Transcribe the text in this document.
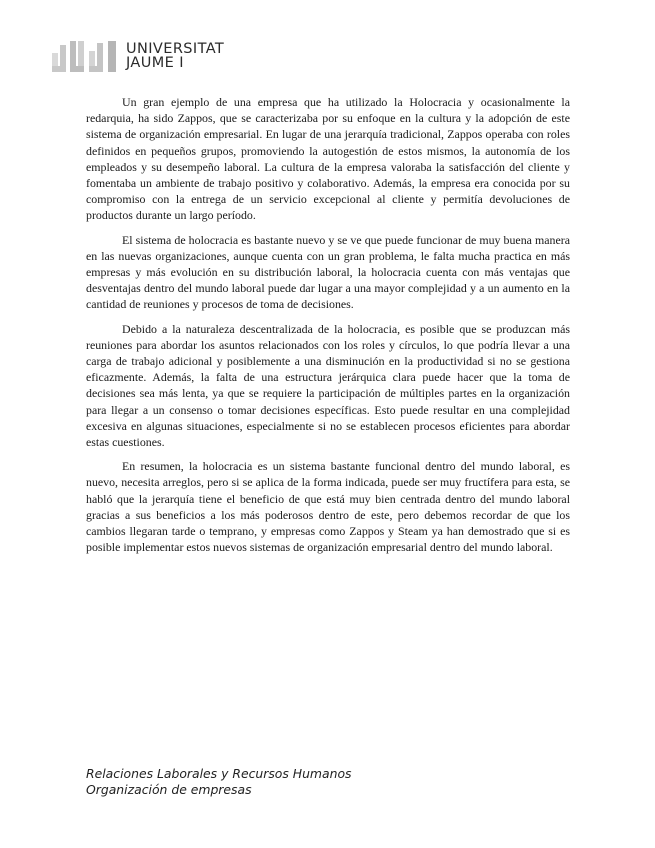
UNIVERSITAT
JAUME I

Un gran ejemplo de una empresa que ha utilizado la Holocracia y ocasionalmente la redarquia, ha sido Zappos, que se caracterizaba por su enfoque en la cultura y la adopción de este sistema de organización empresarial. En lugar de una jerarquía tradicional, Zappos operaba con roles definidos en pequeños grupos, promoviendo la autogestión de estos mismos, la autonomía de los empleados y su desempeño laboral. La cultura de la empresa valoraba la satisfacción del cliente y fomentaba un ambiente de trabajo positivo y colaborativo. Además, la empresa era conocida por su compromiso con la entrega de un servicio excepcional al cliente y permitía devoluciones de productos durante un largo período.

El sistema de holocracia es bastante nuevo y se ve que puede funcionar de muy buena manera en las nuevas organizaciones, aunque cuenta con un gran problema, le falta mucha practica en más empresas y más evolución en su distribución laboral, la holocracia cuenta con más ventajas que desventajas dentro del mundo laboral puede dar lugar a una mayor complejidad y a un aumento en la cantidad de reuniones y procesos de toma de decisiones.

Debido a la naturaleza descentralizada de la holocracia, es posible que se produzcan más reuniones para abordar los asuntos relacionados con los roles y círculos, lo que podría llevar a una carga de trabajo adicional y posiblemente a una disminución en la productividad si no se gestiona eficazmente. Además, la falta de una estructura jerárquica clara puede hacer que la toma de decisiones sea más lenta, ya que se requiere la participación de múltiples partes en la organización para llegar a un consenso o tomar decisiones específicas. Esto puede resultar en una complejidad excesiva en algunas situaciones, especialmente si no se establecen procesos eficientes para abordar estas cuestiones.

En resumen, la holocracia es un sistema bastante funcional dentro del mundo laboral, es nuevo, necesita arreglos, pero si se aplica de la forma indicada, puede ser muy fructífera para esta, se habló que la jerarquía tiene el beneficio de que está muy bien centrada dentro del mundo laboral gracias a sus beneficios a los más poderosos dentro de este, pero debemos recordar de que los cambios llegaran tarde o temprano, y empresas como Zappos y Steam ya han demostrado que si es posible implementar estos nuevos sistemas de organización empresarial dentro del mundo laboral.

Relaciones Laborales y Recursos Humanos
Organización de empresas
